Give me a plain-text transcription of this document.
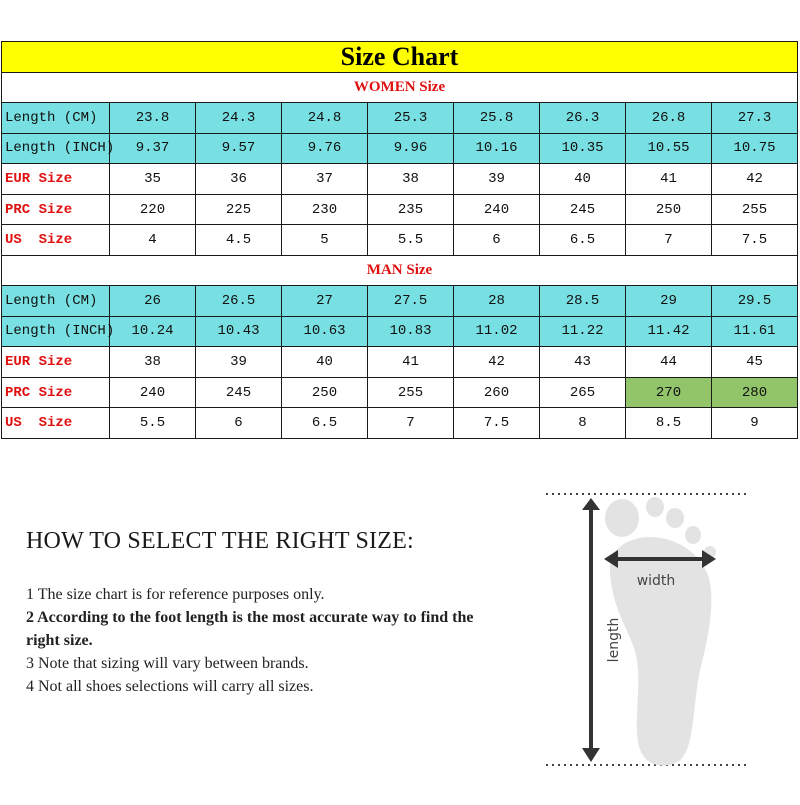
Size Chart								
WOMEN Size								
Length (CM)	23.8	24.3	24.8	25.3	25.8	26.3	26.8	27.3
Length (INCH)	9.37	9.57	9.76	9.96	10.16	10.35	10.55	10.75
EUR Size	35	36	37	38	39	40	41	42
PRC Size	220	225	230	235	240	245	250	255
US  Size	4	4.5	5	5.5	6	6.5	7	7.5
MAN Size								
Length (CM)	26	26.5	27	27.5	28	28.5	29	29.5
Length (INCH)	10.24	10.43	10.63	10.83	11.02	11.22	11.42	11.61
EUR Size	38	39	40	41	42	43	44	45
PRC Size	240	245	250	255	260	265	270	280
US  Size	5.5	6	6.5	7	7.5	8	8.5	9
HOW TO SELECT THE RIGHT SIZE:
1 The size chart is for reference purposes only.
2 According to the foot length is the most accurate way to find the right size.
3 Note that sizing will vary between brands.
4 Not all shoes selections will carry all sizes.
width
length
